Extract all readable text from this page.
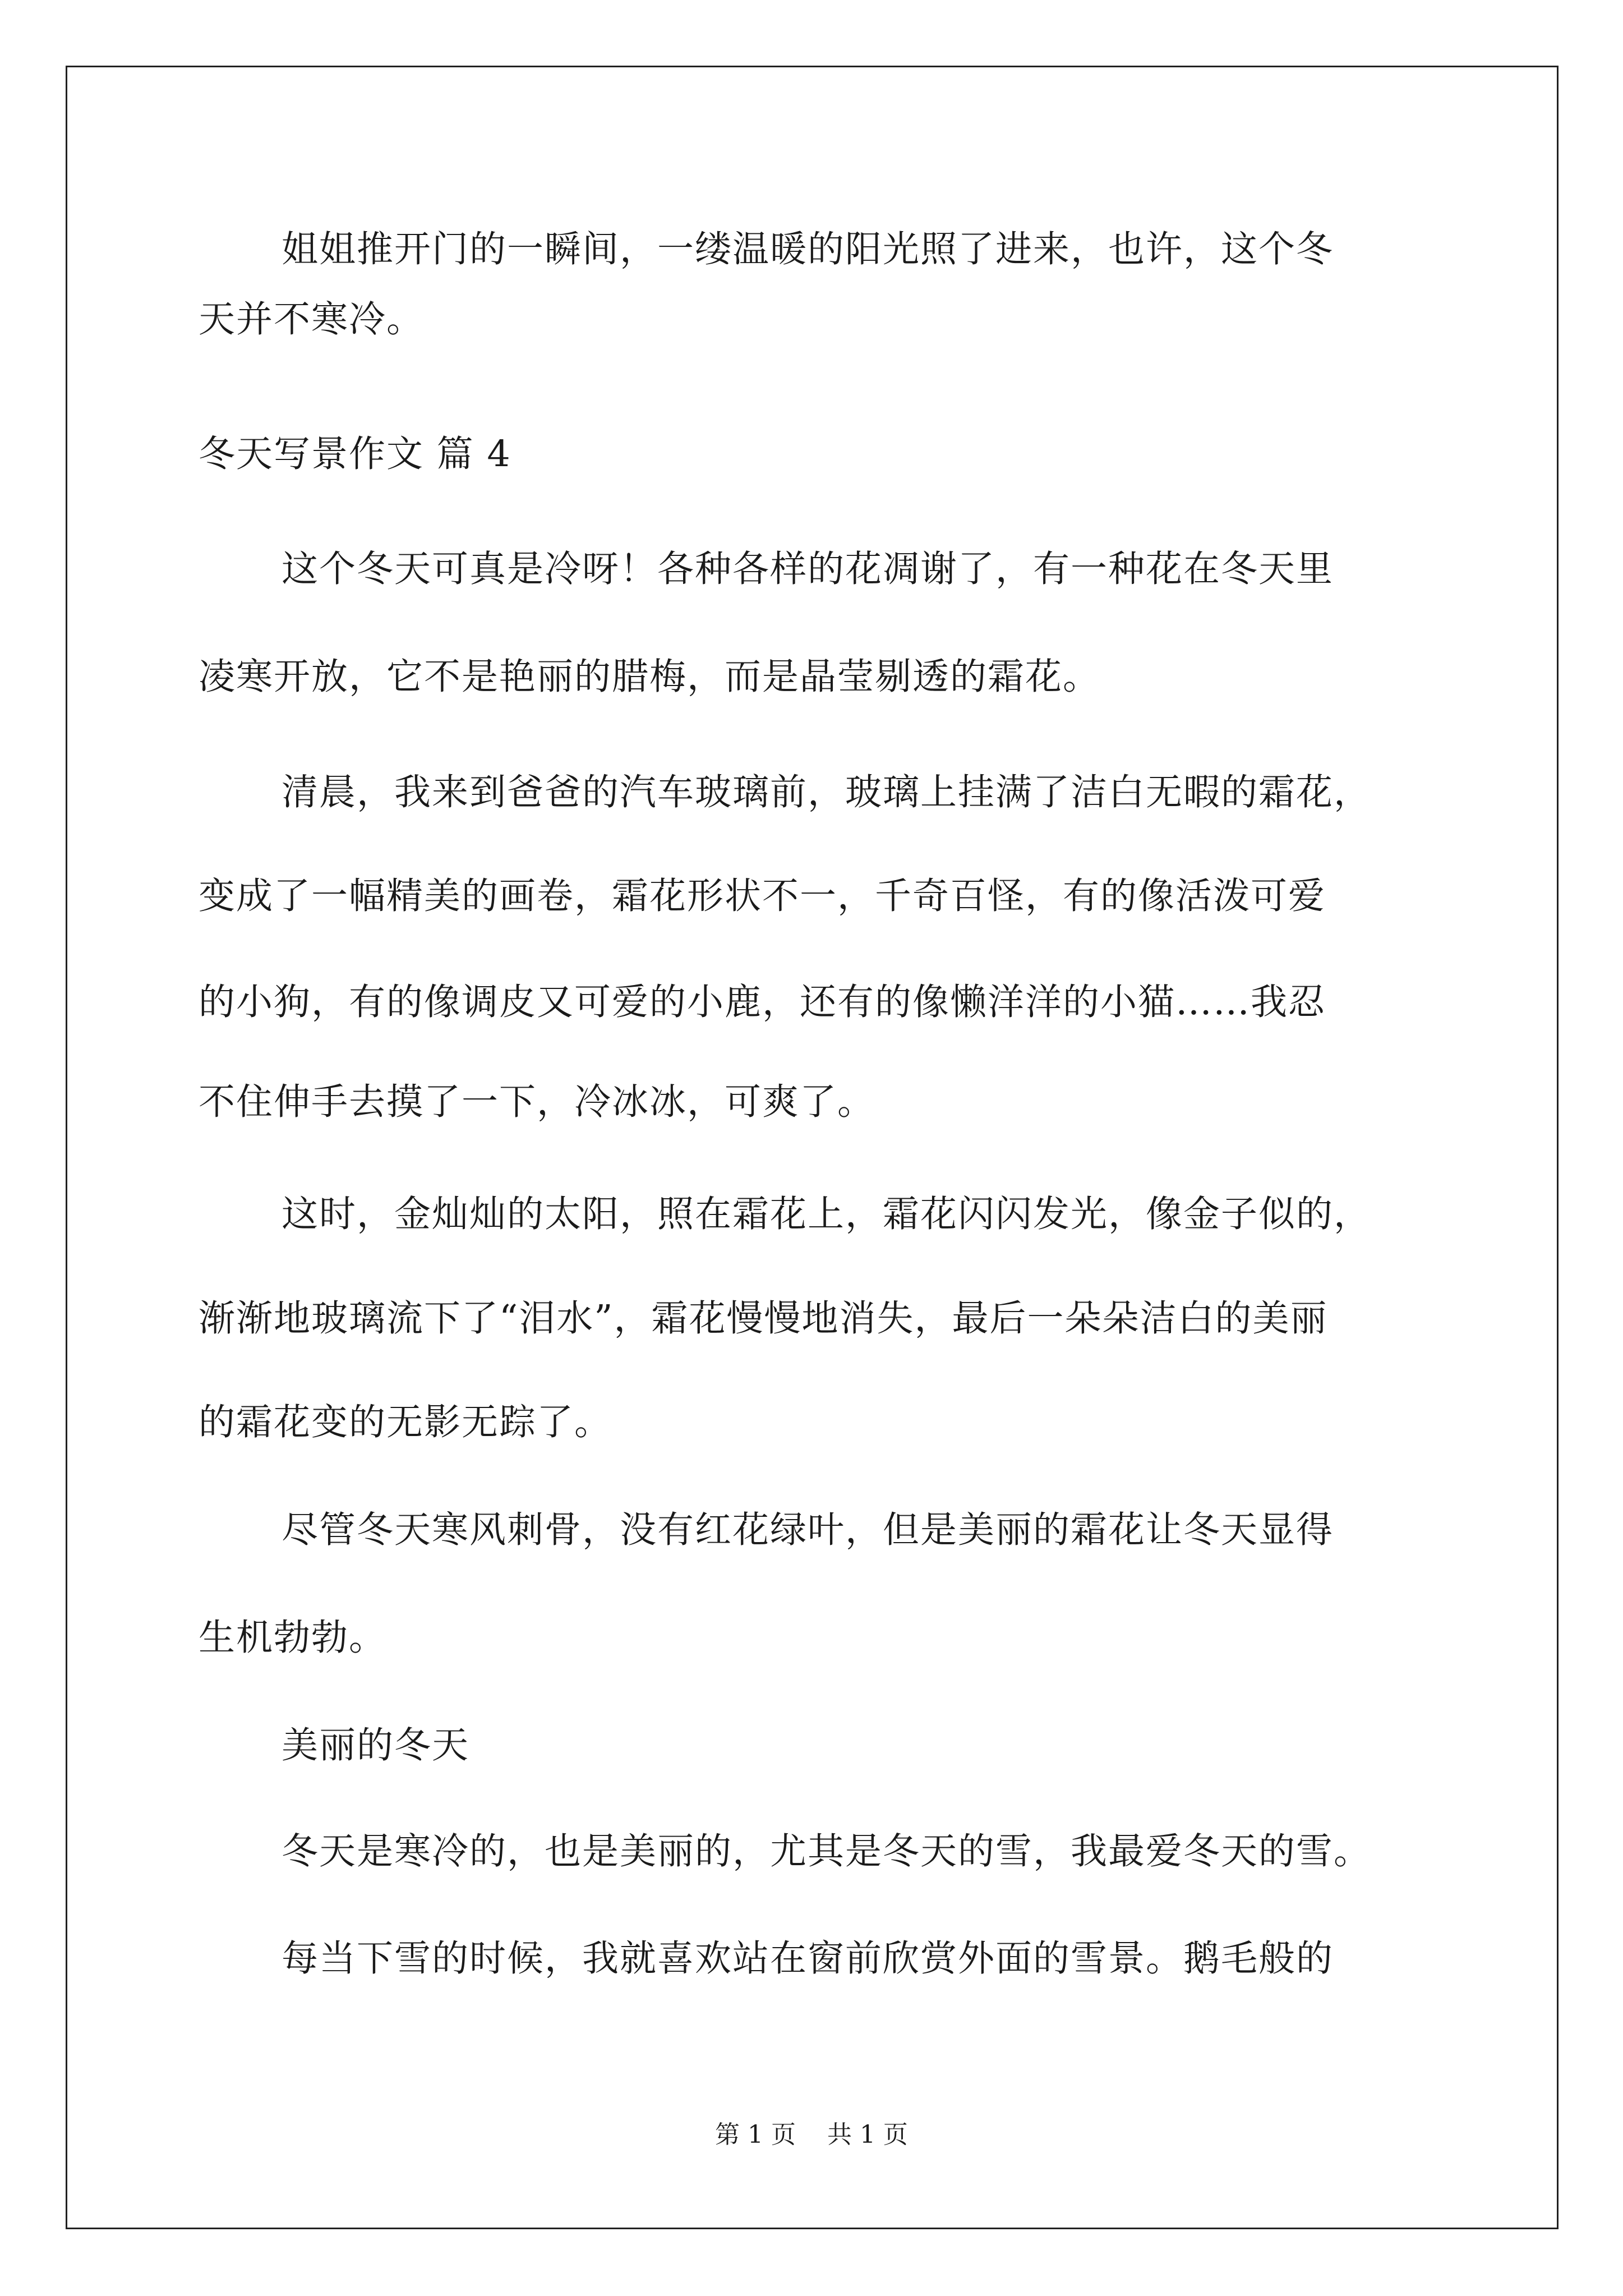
姐姐推开门的一瞬间，一缕温暖的阳光照了进来，也许，这个冬
天并不寒冷。
冬天写景作文 篇 4
这个冬天可真是冷呀！各种各样的花凋谢了，有一种花在冬天里
凌寒开放，它不是艳丽的腊梅，而是晶莹剔透的霜花。
清晨，我来到爸爸的汽车玻璃前，玻璃上挂满了洁白无暇的霜花，
变成了一幅精美的画卷，霜花形状不一，千奇百怪，有的像活泼可爱
的小狗，有的像调皮又可爱的小鹿，还有的像懒洋洋的小猫……我忍
不住伸手去摸了一下，冷冰冰，可爽了。
这时，金灿灿的太阳，照在霜花上，霜花闪闪发光，像金子似的，
渐渐地玻璃流下了“泪水”，霜花慢慢地消失，最后一朵朵洁白的美丽
的霜花变的无影无踪了。
尽管冬天寒风刺骨，没有红花绿叶，但是美丽的霜花让冬天显得
生机勃勃。
美丽的冬天
冬天是寒冷的，也是美丽的，尤其是冬天的雪，我最爱冬天的雪。
每当下雪的时候，我就喜欢站在窗前欣赏外面的雪景。鹅毛般的
第 1 页    共 1 页
